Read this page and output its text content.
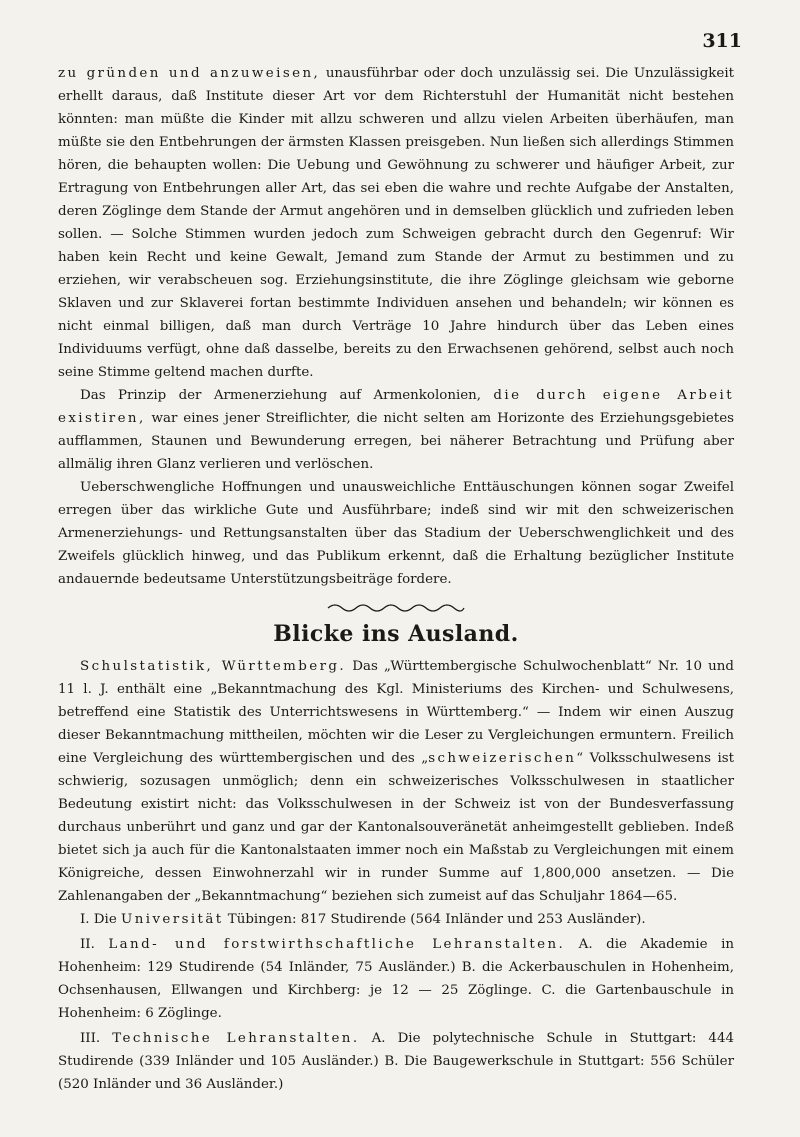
311

zu gründen und anzuweisen, unausführbar oder doch unzulässig sei. Die Unzulässigkeit erhellt daraus, daß Institute dieser Art vor dem Richterstuhl der Humanität nicht bestehen könnten: man müßte die Kinder mit allzu schweren und allzu vielen Arbeiten überhäufen, man müßte sie den Entbehrungen der ärmsten Klassen preisgeben. Nun ließen sich allerdings Stimmen hören, die behaupten wollen: Die Uebung und Gewöhnung zu schwerer und häufiger Arbeit, zur Ertragung von Entbehrungen aller Art, das sei eben die wahre und rechte Aufgabe der Anstalten, deren Zöglinge dem Stande der Armut angehören und in demselben glücklich und zufrieden leben sollen. — Solche Stimmen wurden jedoch zum Schweigen gebracht durch den Gegenruf: Wir haben kein Recht und keine Gewalt, Jemand zum Stande der Armut zu bestimmen und zu erziehen, wir verabscheuen sog. Erziehungsinstitute, die ihre Zöglinge gleichsam wie geborne Sklaven und zur Sklaverei fortan bestimmte Individuen ansehen und behandeln; wir können es nicht einmal billigen, daß man durch Verträge 10 Jahre hindurch über das Leben eines Individuums verfügt, ohne daß dasselbe, bereits zu den Erwachsenen gehörend, selbst auch noch seine Stimme geltend machen durfte.

Das Prinzip der Armenerziehung auf Armenkolonien, die durch eigene Arbeit existiren, war eines jener Streiflichter, die nicht selten am Horizonte des Erziehungsgebietes aufflammen, Staunen und Bewunderung erregen, bei näherer Betrachtung und Prüfung aber allmälig ihren Glanz verlieren und verlöschen.

Ueberschwengliche Hoffnungen und unausweichliche Enttäuschungen können sogar Zweifel erregen über das wirkliche Gute und Ausführbare; indeß sind wir mit den schweizerischen Armenerziehungs- und Rettungsanstalten über das Stadium der Ueberschwenglichkeit und des Zweifels glücklich hinweg, und das Publikum erkennt, daß die Erhaltung bezüglicher Institute andauernde bedeutsame Unterstützungsbeiträge fordere.

Blicke ins Ausland.

Schulstatistik, Württemberg. Das „Württembergische Schulwochenblatt“ Nr. 10 und 11 l. J. enthält eine „Bekanntmachung des Kgl. Ministeriums des Kirchen- und Schulwesens, betreffend eine Statistik des Unterrichtswesens in Württemberg.“ — Indem wir einen Auszug dieser Bekanntmachung mittheilen, möchten wir die Leser zu Vergleichungen ermuntern. Freilich eine Vergleichung des württembergischen und des „schweizerischen“ Volksschulwesens ist schwierig, sozusagen unmöglich; denn ein schweizerisches Volksschulwesen in staatlicher Bedeutung existirt nicht: das Volksschulwesen in der Schweiz ist von der Bundesverfassung durchaus unberührt und ganz und gar der Kantonalsouveränetät anheimgestellt geblieben. Indeß bietet sich ja auch für die Kantonalstaaten immer noch ein Maßstab zu Vergleichungen mit einem Königreiche, dessen Einwohnerzahl wir in runder Summe auf 1,800,000 ansetzen. — Die Zahlenangaben der „Bekanntmachung“ beziehen sich zumeist auf das Schuljahr 1864—65.

I. Die Universität Tübingen: 817 Studirende (564 Inländer und 253 Ausländer).

II. Land- und forstwirthschaftliche Lehranstalten. A. die Akademie in Hohenheim: 129 Studirende (54 Inländer, 75 Ausländer.) B. die Ackerbauschulen in Hohenheim, Ochsenhausen, Ellwangen und Kirchberg: je 12 — 25 Zöglinge. C. die Gartenbauschule in Hohenheim: 6 Zöglinge.

III. Technische Lehranstalten. A. Die polytechnische Schule in Stuttgart: 444 Studirende (339 Inländer und 105 Ausländer.) B. Die Baugewerkschule in Stuttgart: 556 Schüler (520 Inländer und 36 Ausländer.)
